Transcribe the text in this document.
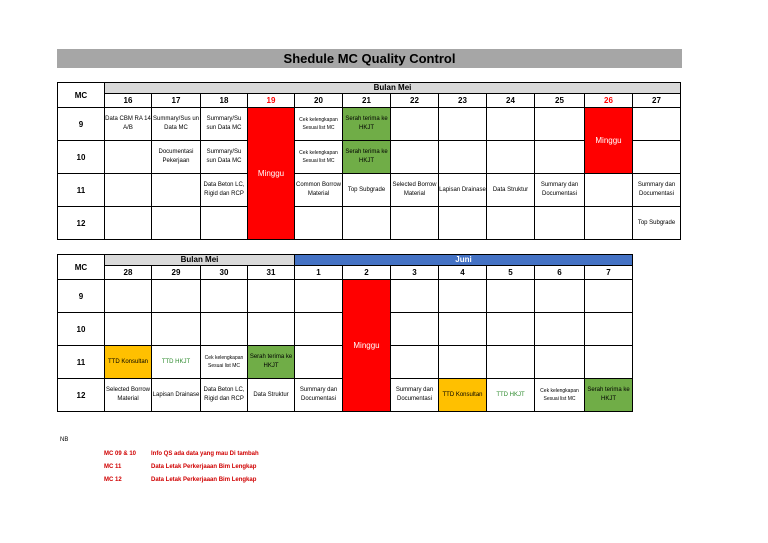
Shedule MC Quality Control
MC	Bulan Mei											
	16	17	18	19	20	21	22	23	24	25	26	27
9	Data CBM RA 14 A/B	Summary/Sus un Data MC	Summary/Su sun Data MC	Minggu	Cek kelengkapan Sesuai list MC	Serah terima ke HKJT					Minggu	
10		Documentasi Pekerjaan	Summary/Su sun Data MC		Cek kelengkapan Sesuai list MC	Serah terima ke HKJT						
11			Data Beton LC, Rigid dan RCP		Common Borrow Material	Top Subgrade	Selected Borrow Material	Lapisan Drainase	Data Struktur	Summary dan Documentasi		Summary dan Documentasi
12												Top Subgrade
MC	Bulan Mei				Juni						
	28	29	30	31	1	2	3	4	5	6	7
9						Minggu					
10											
11	TTD Konsultan	TTD HKJT	Cek kelengkapan Sesuai list MC	Serah terima ke HKJT							
12	Selected Borrow Material	Lapisan Drainase	Data Beton LC, Rigid dan RCP	Data Struktur	Summary dan Documentasi		Summary dan Documentasi	TTD Konsultan	TTD HKJT	Cek kelengkapan Sesuai list MC	Serah terima ke HKJT
NB
MC 09 & 10 Info QS ada data yang mau Di tambah
MC 11	Data Letak Perkerjaaan Bim Lengkap
MC 12	Data Letak Perkerjaaan Bim Lengkap
